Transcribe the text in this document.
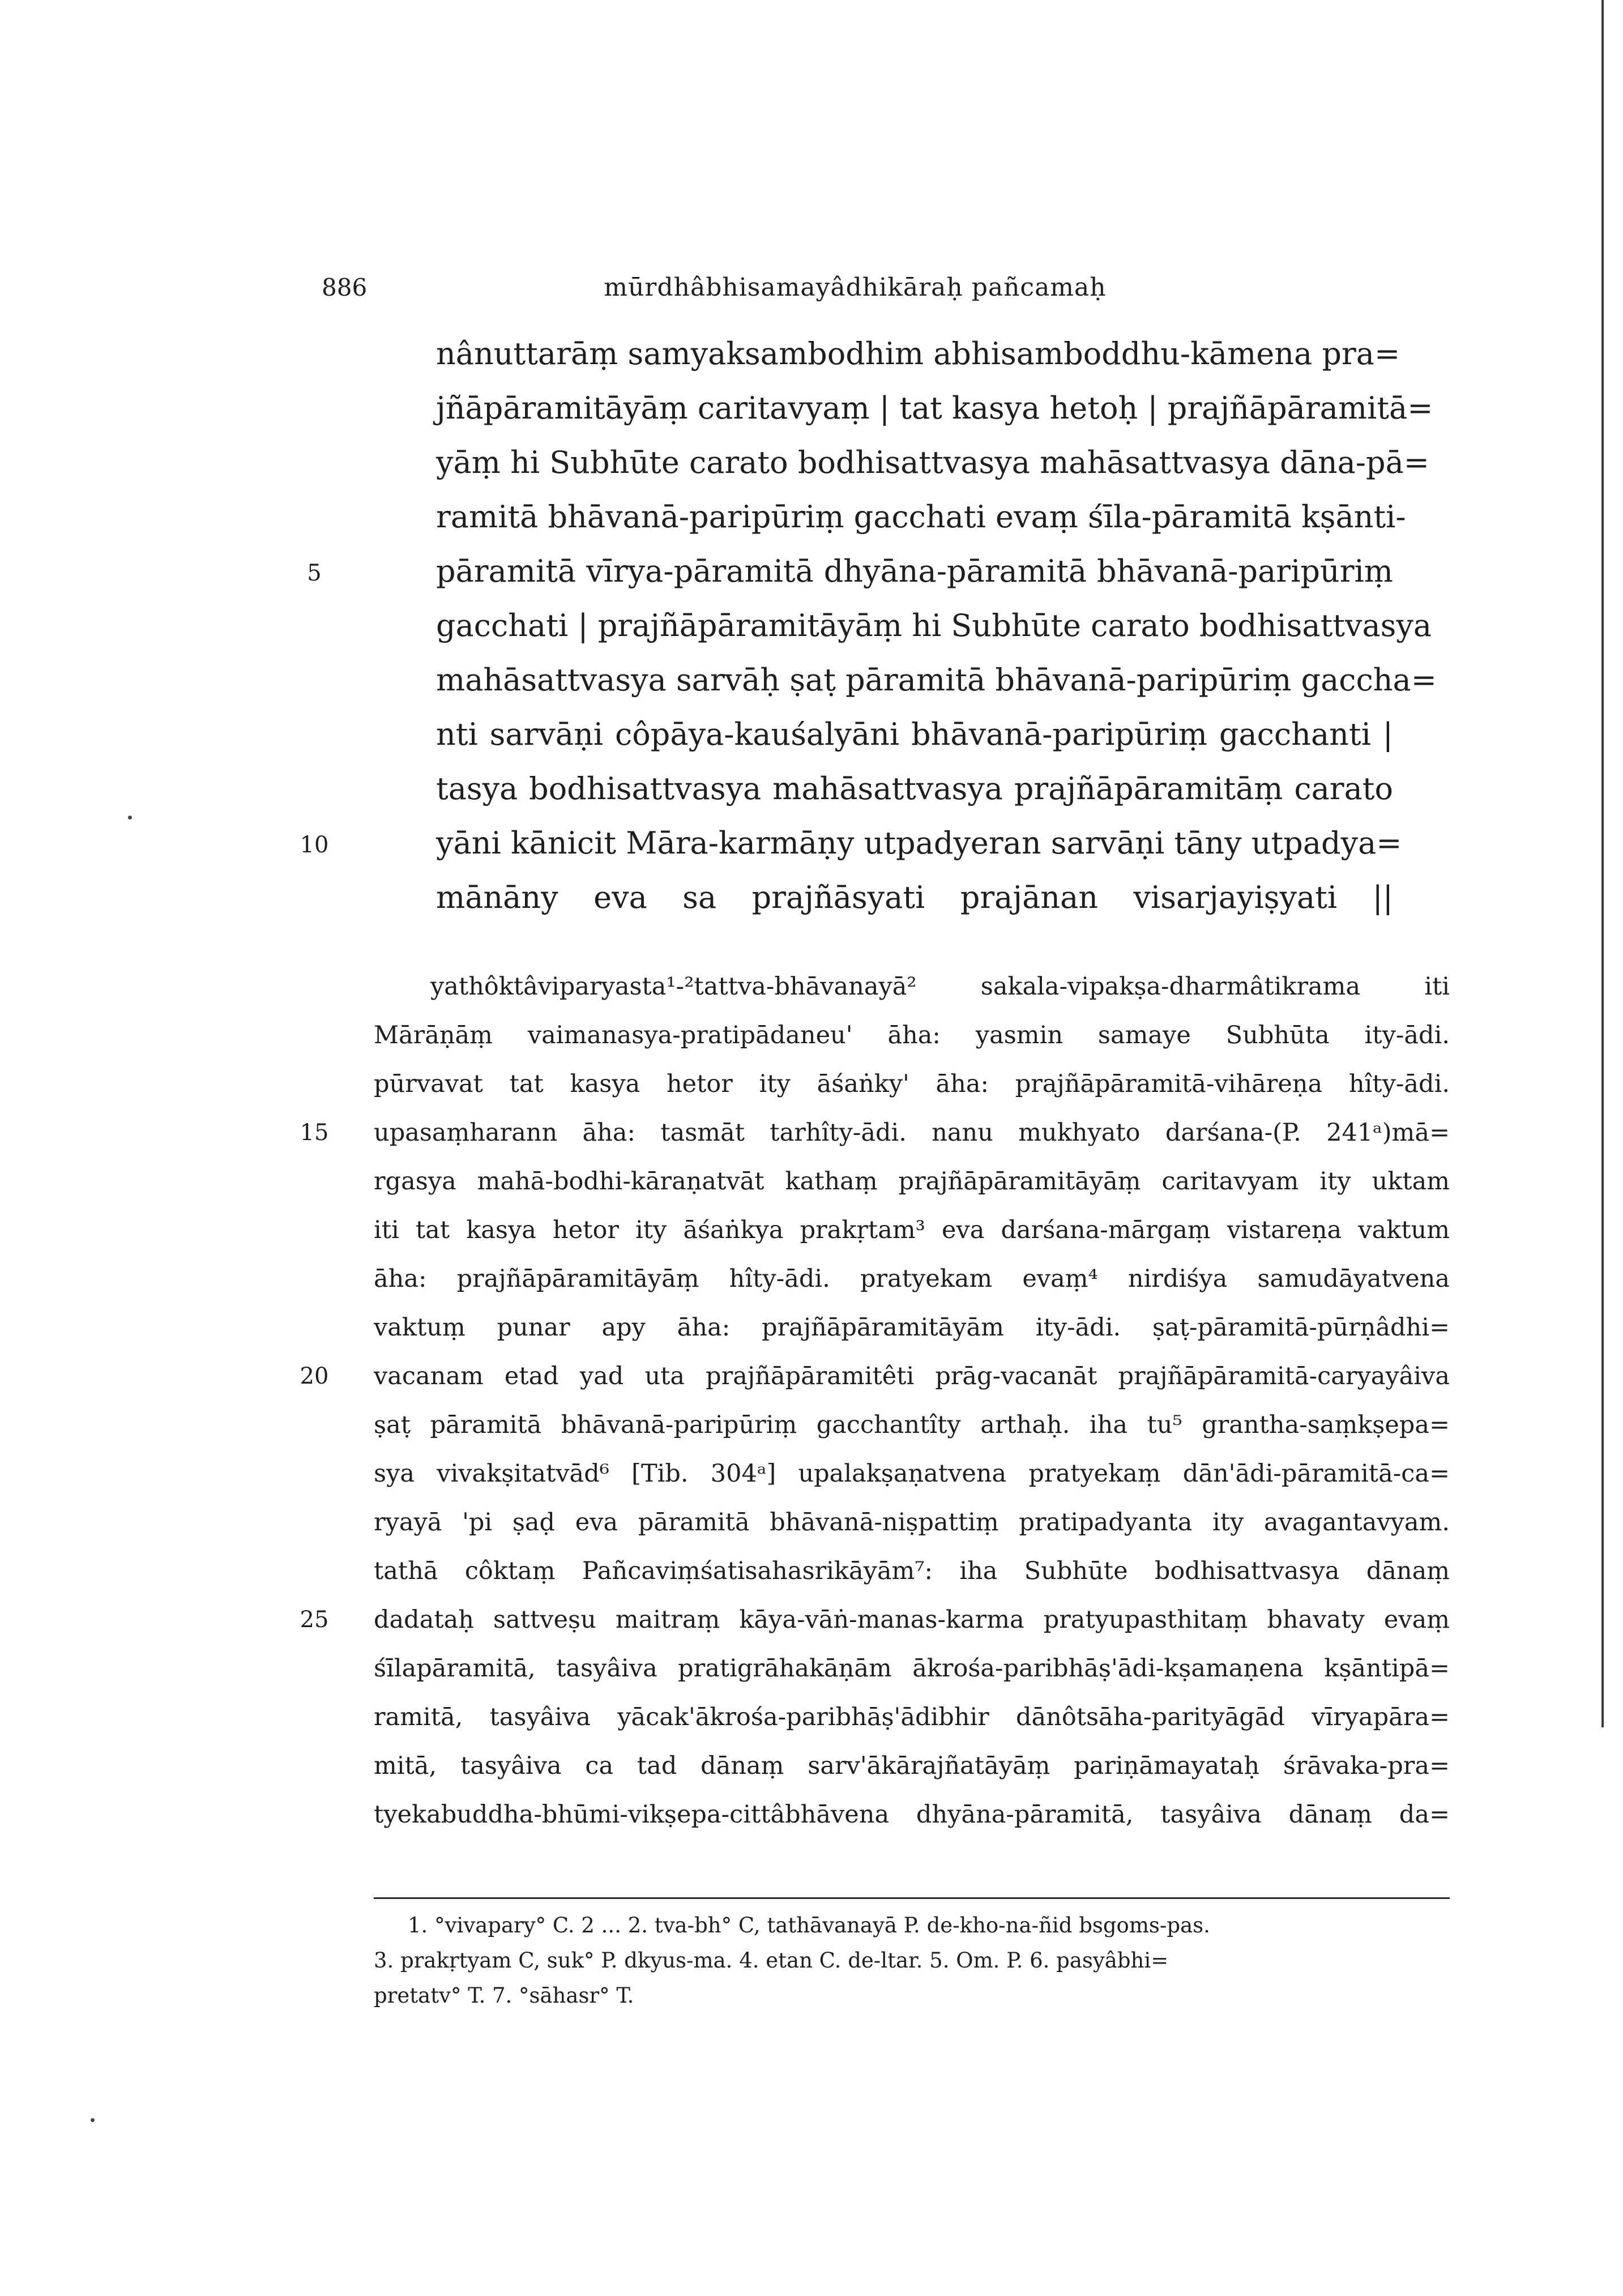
886	mūrdhâbhisamayâdhikāraḥ pañcamaḥ
nânuttarāṃ samyaksambodhim abhisamboddhu-kāmena pra=
jñāpāramitāyāṃ caritavyaṃ | tat kasya hetoḥ | prajñāpāramitā=
yāṃ hi Subhūte carato bodhisattvasya mahāsattvasya dāna-pā=
ramitā bhāvanā-paripūriṃ gacchati evaṃ śīla-pāramitā kṣānti-
pāramitā vīrya-pāramitā dhyāna-pāramitā bhāvanā-paripūriṃ
5
gacchati | prajñāpāramitāyāṃ hi Subhūte carato bodhisattvasya
mahāsattvasya sarvāḥ ṣaṭ pāramitā bhāvanā-paripūriṃ gaccha=
nti sarvāṇi côpāya-kauśalyāni bhāvanā-paripūriṃ gacchanti |
tasya bodhisattvasya mahāsattvasya prajñāpāramitāṃ carato
yāni kānicit Māra-karmāṇy utpadyeran sarvāṇi tāny utpadya=
10
mānāny eva sa prajñāsyati prajānan visarjayiṣyati ||
yathôktâviparyasta¹-²tattva-bhāvanayā² sakala-vipakṣa-dharmâtikrama iti
Mārāṇāṃ vaimanasya-pratipādaneu' āha: yasmin samaye Subhūta ity-ādi.
pūrvavat tat kasya hetor ity āśaṅky' āha: prajñāpāramitā-vihāreṇa hîty-ādi.
upasaṃharann āha: tasmāt tarhîty-ādi. nanu mukhyato darśana-(P. 241ᵃ)mā=
15
rgasya mahā-bodhi-kāraṇatvāt kathaṃ prajñāpāramitāyāṃ caritavyam ity uktam
iti tat kasya hetor ity āśaṅkya prakṛtam³ eva darśana-mārgaṃ vistareṇa vaktum
āha: prajñāpāramitāyāṃ hîty-ādi. pratyekam evaṃ⁴ nirdiśya samudāyatvena
vaktuṃ punar apy āha: prajñāpāramitāyām ity-ādi. ṣaṭ-pāramitā-pūrṇâdhi=
vacanam etad yad uta prajñāpāramitêti prāg-vacanāt prajñāpāramitā-caryayâiva
20
ṣaṭ pāramitā bhāvanā-paripūriṃ gacchantîty arthaḥ. iha tu⁵ grantha-saṃkṣepa=
sya vivakṣitatvād⁶ [Tib. 304ᵃ] upalakṣaṇatvena pratyekaṃ dān'ādi-pāramitā-ca=
ryayā 'pi ṣaḍ eva pāramitā bhāvanā-niṣpattiṃ pratipadyanta ity avagantavyam.
tathā côktaṃ Pañcaviṃśatisahasrikāyām⁷: iha Subhūte bodhisattvasya dānaṃ
dadataḥ sattveṣu maitraṃ kāya-vāṅ-manas-karma pratyupasthitaṃ bhavaty evaṃ
25
śīlapāramitā, tasyâiva pratigrāhakāṇām ākrośa-paribhāṣ'ādi-kṣamaṇena kṣāntipā=
ramitā, tasyâiva yācak'ākrośa-paribhāṣ'ādibhir dānôtsāha-parityāgād vīryapāra=
mitā, tasyâiva ca tad dānaṃ sarv'ākārajñatāyāṃ pariṇāmayataḥ śrāvaka-pra=
tyekabuddha-bhūmi-vikṣepa-cittâbhāvena dhyāna-pāramitā, tasyâiva dānaṃ da=
1. °vivapary° C. 2 ... 2. tva-bh° C, tathāvanayā P. de-kho-na-ñid bsgoms-pas.
3. prakṛtyam C, suk° P. dkyus-ma. 4. etan C. de-ltar. 5. Om. P. 6. pasyâbhi=
pretatv° T. 7. °sāhasr° T.
